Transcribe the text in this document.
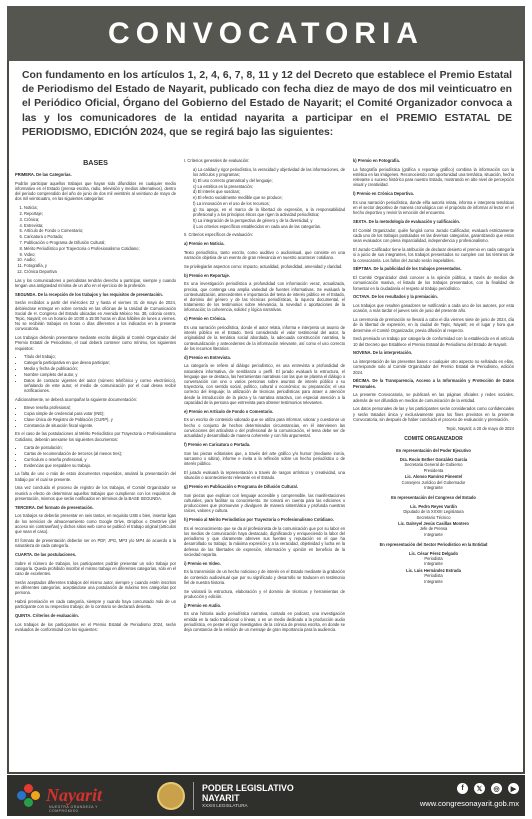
CONVOCATORIA
Con fundamento en los artículos 1, 2, 4, 6, 7, 8, 11 y 12 del Decreto que establece el Premio Estatal de Periodismo del Estado de Nayarit, publicado con fecha diez de mayo de dos mil veinticuatro en el Periódico Oficial, Órgano del Gobierno del Estado de Nayarit; el Comité Organizador convoca a las y los comunicadores de la entidad nayarita a participar en el PREMIO ESTATAL DE PERIODISMO, EDICIÓN 2024, que se regirá bajo las siguientes:
BASES

PRIMERA. De las Categorías.

Podrán participar aquellos trabajos que hayan sido difundidos en cualquier medio informativo en el Estado (prensa escrita, radio, televisión y medios alternativos), dentro del periodo comprendido del año de junio de dos mil veintitrés al veintiuno de mayo de dos mil veinticuatro, en las siguientes categorías:

1. Noticia;
2. Reportaje;
3. Crónica;
4. Entrevista;
5. Artículo de Fondo o Comentario;
6. Caricatura o Portada;
7. Publicación o Programa de Difusión Cultural;
8. Mérito Periodístico por Trayectoria o Profesionalismo Cotidiano;
9. Video;
10. Audio;
11. Fotografía, y
12. Crónica Deportiva

Las y los comunicadores o periodistas tendrán derecho a participar, siempre y cuando tengan una antigüedad mínima de un año en el ejercicio de la profesión.

SEGUNDA. De la recepción de los trabajos y los requisitos de presentación.

Serán recibidos a partir del miércoles 22 y hasta el viernes 31 de mayo de 2024, debiéndose entregar en sobre cerrado en las oficinas de la Unidad de Comunicación Social de H. Congreso del Estado ubicadas en Avenida México No. 38, colonia centro, Tepic, Nayarit; en un horario de 10:00 a 15:00 horas en días hábiles de lunes a viernes. No se recibirán trabajos en horas o días diferentes a los indicados en la presente convocatoria.

Los trabajos deberán presentarse mediante escrito dirigido al Comité Organizador del Premio Estatal de Periodismo, el cual deberá contener como mínimo, los siguientes requisitos:

• Título del trabajo;
• Categoría participativa en que desea participar;
• Medio y fecha de publicación;
• Nombre completo del autor, y
• Datos de contacto vigentes del autor (número telefónico y correo electrónico), señalando de este autor, el medio de comunicación por el cual desea recibir notificaciones.

Adicionalmente, se deberá acompañar la siguiente documentación:

• Breve reseña profesional;
• Copia simple de credencial para votar (INE);
• Clave Única de Registro de Población (CURP), y
• Constancia de situación fiscal vigente.

En el caso de las postulaciones al Mérito Periodístico por Trayectoria o Profesionalismo Cotidiano, deberán anexarse los siguientes documentos:

• Carta de postulación;
• Cartas de recomendación de terceros (al menos tres);
• Currículum o reseña profesional, y
• Evidencias que respalden su trabajo.

La falta de uno o más de estos documentos requeridos, anulará la presentación del trabajo por el cual se presente.

Una vez concluido el proceso de registro de los trabajos, el Comité Organizador se reunirá a efecto de determinar aquellos trabajos que cumplieron con los requisitos de presentación, mismos que serán notificados en términos de la BASE SEGUNDA.

TERCERA. Del formato de presentación.

Los trabajos se deberán presentar en seis tantos, en requisito USB o bien, insertar ligas de los servicios de almacenamiento como Google Drive, Dropbox o OneDrive (del acceso sin contraseñas) y dichos sitios web como se publicó el trabajo original (artículos que sean el caso).

El formato de presentación deberán ser en PDF, JPG, MP3 y/o MP4 de acuerdo a la naturaleza de cada categoría.

CUARTA. De las postulaciones.

Sobre el número de trabajos, los participantes podrán presentar un solo trabajo por categoría. Queda prohibido inscribir el mismo trabajo en diferentes categorías, sólo en el caso de excelentes.

Serán aceptados diferentes trabajos del mismo autor, siempre y cuando estén inscritos en diferentes categorías, aceptándose una postulación de máximo tres categorías por persona.

Habrá premiación en cada categoría, siempre y cuando haya concursado más de un participante con su respectivo trabajo; de lo contrario se declarará desierta.

QUINTA. Criterios de evaluación.

Los trabajos de los participantes en el Premio Estatal de Periodismo 2024, serán evaluados de conformidad con los siguientes:

I. Criterios generales de evaluación:

a) La calidad y rigor periodístico, la veracidad y objetividad de las informaciones, de los artículos y programas;
b) El uso correcto gramatical y del lenguaje;
c) La estética en la presentación;
d) El interés que suscitan;
e) El efecto socialmente medible que se produce;
f) La innovación en el uso de los recursos;
g) Su apego, en el marco de la libertad de expresión, a la responsabilidad profesional y a los principios éticos que rigen la actividad periodística;
h) La integración de la perspectiva de género y de la diversidad, y
i) Los criterios específicos establecidos en cada una de las categorías.

II. Criterios específicos de evaluación:

a) Premio en Noticia.

Texto periodístico, tanto escrito, como auditivo o audiovisual, que consiste en una narración objetiva de un evento de gran relevancia en nuestro acontecer cotidiano.

Se privilegiarán aspectos como: impacto, actualidad, profundidad, amenidad y claridad.

b) Premio en Reportaje.

Es una investigación periodística a profundidad con información veraz, actualizada, precisa, que contenga una amplia variedad de fuentes informativas. Se evaluará la contextualización, antecedentes e importancia del tema de interés público en el Estado, el dominio del género y de las técnicas periodísticas, la riqueza documental, el tratamiento de los testimonios sobre relevancia, la novedad o aportaciones de la información; la coherencia, solidez y lógica narrativas.

c) Premio en Crónica.

Es una narración periodística, donde el autor relata, informa e interpreta un asunto de interés público en el Estado. Será considerado el valor testimonial del autor, la originalidad de la temática social abordada, la adecuada construcción narrativa, la contextualización y antecedentes de la información relevante, así como el uso correcto de los recursos literarios.

d) Premio en Entrevista.

La categoría se refiere al diálogo periodístico, es una entrevista a profundidad de naturaleza informativa, de semblanza o perfil. El jurado evaluará la estructura, el lenguaje que se destaca, las herramientas narrativas con las que se plasma el diálogo o conversación con uno o varios personas sobre asuntos de interés público o su trayectoria, con sentido social, político, cultural o económico; su preparación; el uso correcto del lenguaje; la utilización de técnicas periodísticas para atraer a atención desde la introducción de la pieza y la narrativa atractiva, con especial atención a la capacidad de la persona que entrevista para obtener testimonios relevantes.

e) Premio en Artículo de Fondo o Comentario.

Es un escrito de contenido valorado que se utiliza para informar, valorar y cuestionar un hecho o conjunto de hechos determinados circunstancias, en él intervienen las convicciones del articulista o del profesional de la comunicación, el tema debe ser de actualidad y desarrollado de manera coherente y con hilo argumental.

f) Premio en Caricatura o Portada.

Son las piezas editoriales que, a través del arte gráfico y/o humor (mediante ironía, sarcasmo o sátira), informe e invita a la reflexión sobre un hecho periodístico o de interés público.

El jurado evaluará la representación a través de rasgos artísticos y creatividad, una situación o acontecimiento relevante en el Estado.

g) Premio en Publicación o Programa de Difusión Cultural.

Son piezas que explican con lenguaje accesible y comprensible, las manifestaciones culturales, para facilitar su conocimiento. Se tomará en cuenta para las ediciones o producciones que promuevan y divulguen de manera sistemática y profunda nuestras raíces, valores y cultura.

h) Premio al Mérito Periodístico por Trayectoria o Profesionalismo Cotidiano.

Es el reconocimiento que se da al profesionista de la comunicación que por su labor en los medios de comunicación haya destacado, dignificando y enriqueciendo la labor del periodismo y que claramente abreven sus fuentes y reputación en el que ha desarrollado su trabajo; la máxima expresión y a la veracidad, objetividad y lucha en la defensa de las libertades de expresión, información y opinión en beneficio de la sociedad nayarita.

i) Premio en Video.

Es la transmisión de un hecho noticioso y de interés en el Estado mediante la grabación de contenido audiovisual que por su significado y desarrollo se traducen en testimonio fiel de nuestra historia.

Se valorará la estructura, elaboración y el dominio de técnicas y herramientas de producción y edición.

j) Premio en Audio.

Es una historia audio periodística narrativa, contada en podcast, una investigación emitida en la radio tradicional o líneas, o en un medio dedicado a la producción audio periodística, en pester el rigor investigativo de la crónica de prensa escrita, en donde se deja constancia de la emisión de un mensaje de gran importancia para la audiencia.

k) Premio en Fotografía.

La fotografía periodística (gráfica o reportaje gráfico) combina la información con la estética en las imágenes. Reconociendo con oportunidad una temática, situación, hecho relevante o suceso histórico para nuestro Estado, mostrando en alto nivel de percepción visual y creatividad.

l) Premio en Crónica Deportiva.

Es una narración periodística, donde el/la autor/a relata, informa e interpreta temáticas en el sector deportivo de manera cronológica con el propósito de informar al lector en el hecho deportivo y revivir la emoción del encuentro.

SEXTA. De la metodología de evaluación y calificación.

El Comité Organizador, quién fungirá como Jurado Calificador, evaluará estrictamente cada uno de los trabajos postulados en las diversas categorías, garantizando que estos sean evaluados con plena imparcialidad, independencia y profesionalismo.

El Jurado Calificador tiene la atribución de declarar desierto el premio en cada categoría si a juicio de sus integrantes, los trabajos presentados no cumplen con los términos de la convocatoria. Los fallos del Jurado serán inapelables.

SÉPTIMA. De la publicidad de los trabajos presentados.

El Comité Organizador dará conocer a la opinión pública, a través de medios de comunicación masiva, el listado de los trabajos presentados, con la finalidad de fomentar en la ciudadanía el respeto al trabajo periodístico.

OCTAVA. De los resultados y la premiación.

Los trabajos que resulten ganadores se notificarán a cada uno de los autores, por esta ocasión, a más tardar el jueves seis de junio del presente año.

La ceremonia de premiación se llevará a cabo el día viernes siete de junio de 2024, día de la libertad de expresión, en la ciudad de Tepic, Nayarit; en el lugar y hora que determine el Comité Organizador, previa difusión al respecto.

Será premiado un trabajo por categoría de conformidad con lo establecido en el artículo 10 del Decreto que Establece el Premio Estatal de Periodismo del Estado de Nayarit.

NOVENA. De la interpretación.

La interpretación de las presentes bases o cualquier otro aspecto no señalado en ellas, corresponde solo al Comité Organizador del Premio Estatal de Periodismo, edición 2024.

DÉCIMA. De la Transparencia, Acceso a la Información y Protección de Datos Personales.

La presente Convocatoria, se publicará en las páginas oficiales y redes sociales, además de ser difundida en medios de comunicación de la entidad.

Los datos personales de las y los participantes serán considerados como confidenciales y serán tratados única y exclusivamente para los fines previstos en la presente Convocatoria, sin después de haber concluido el proceso de evaluación y premiación.

Tepic, Nayarit; a 20 de mayo de 2024

COMITÉ ORGANIZADOR
En representación del Poder Ejecutivo
Dra. Rocío Esther González García
Secretaria General de Gobierno
Presidenta
Lic. Alonso Ramírez Pimentel
Consejero Jurídico del Gobernador
Integrante
En representación del Congreso del Estado
Lic. Pedro Reyes Vardín
Diputado de la XXXIII Legislatura
Secretario Técnico
Lic. Dalreyel Jesús Casillas Montero
Jefe de Prensa
Integrante
En representación del Sector Periodístico en la Entidad
Lic. César Pérez Delgado
Periodista
Integrante
Lic. Luis Hernández Estrada
Periodista
Integrante
Nayarit
NUESTRA GRANDEZA Y COMPROMISO
PODER LEGISLATIVO
NAYARIT
XXXIII LEGISLATURA
f	𝕏	◎	▶
www.congresonayarit.gob.mx
